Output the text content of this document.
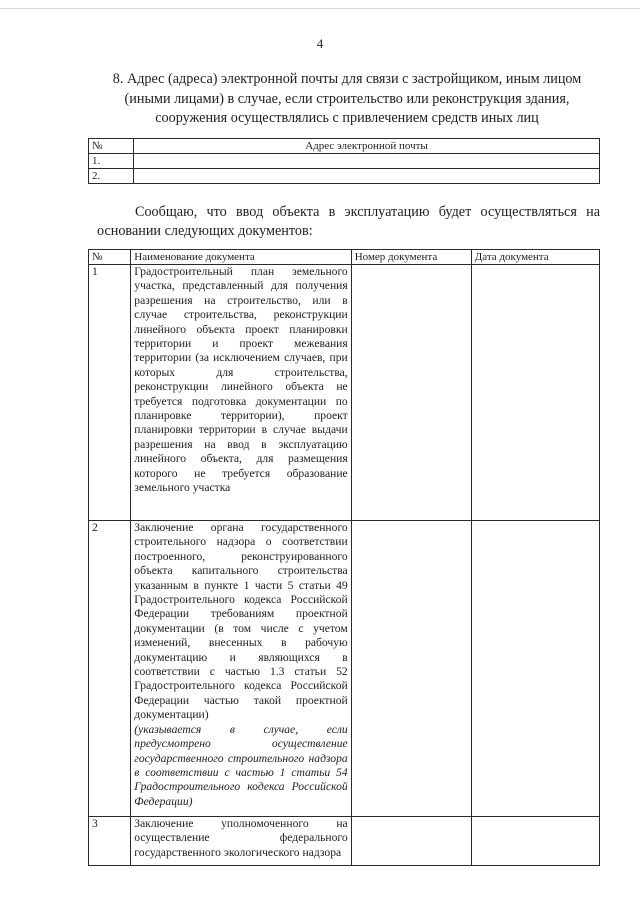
4
8. Адрес (адреса) электронной почты для связи с застройщиком, иным лицом (иными лицами) в случае, если строительство или реконструкция здания, сооружения осуществлялись с привлечением средств иных лиц
№	Адрес электронной почты
1.	
2.	
Сообщаю, что ввод объекта в эксплуатацию будет осуществляться на основании следующих документов:
№	Наименование документа	Номер документа	Дата документа
1	Градостроительный план земельного участка, представленный для получения разрешения на строительство, или в случае строительства, реконструкции линейного объекта проект планировки территории и проект межевания территории (за исключением случаев, при которых для строительства, реконструкции линейного объекта не требуется подготовка документации по планировке территории), проект планировки территории в случае выдачи разрешения на ввод в эксплуатацию линейного объекта, для размещения которого не требуется образование земельного участка		

2	Заключение органа государственного строительного надзора о соответствии построенного, реконструированного объекта капитального строительства указанным в пункте 1 части 5 статьи 49 Градостроительного кодекса Российской Федерации требованиям проектной документации (в том числе с учетом изменений, внесенных в рабочую документацию и являющихся в соответствии с частью 1.3 статьи 52 Градостроительного кодекса Российской Федерации частью такой проектной документации)
(указывается в случае, если предусмотрено осуществление государственного строительного надзора в соответствии с частью 1 статьи 54 Градостроительного кодекса Российской Федерации)		

3	Заключение уполномоченного на осуществление федерального государственного экологического надзора		
